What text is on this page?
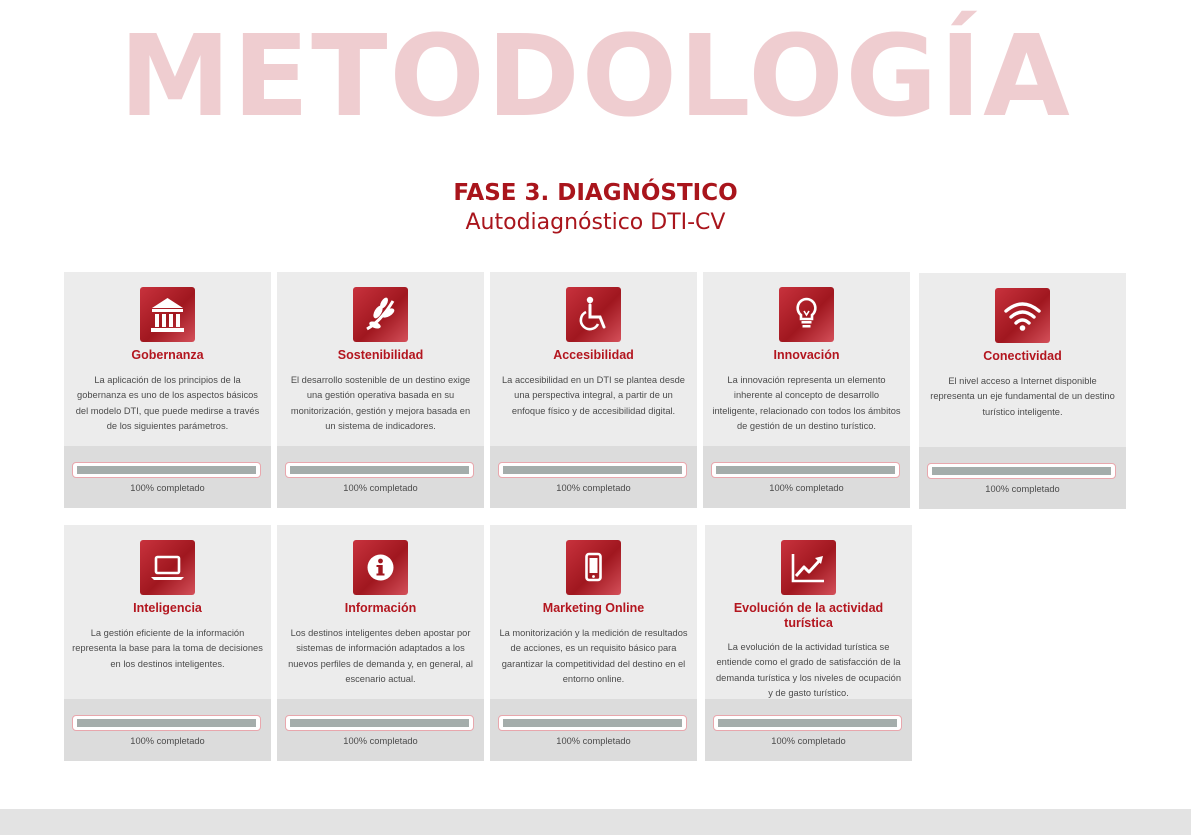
METODOLOGÍA
FASE 3. DIAGNÓSTICO
Autodiagnóstico DTI-CV
Gobernanza
La aplicación de los principios de la gobernanza es uno de los aspectos básicos del modelo DTI, que puede medirse a través de los siguientes parámetros.
100% completado
Sostenibilidad
El desarrollo sostenible de un destino exige una gestión operativa basada en su monitorización, gestión y mejora basada en un sistema de indicadores.
100% completado
Accesibilidad
La accesibilidad en un DTI se plantea desde una perspectiva integral, a partir de un enfoque físico y de accesibilidad digital.
100% completado
Innovación
La innovación representa un elemento inherente al concepto de desarrollo inteligente, relacionado con todos los ámbitos de gestión de un destino turístico.
100% completado
Conectividad
El nivel acceso a Internet disponible representa un eje fundamental de un destino turístico inteligente.
100% completado
Inteligencia
La gestión eficiente de la información representa la base para la toma de decisiones en los destinos inteligentes.
100% completado
Información
Los destinos inteligentes deben apostar por sistemas de información adaptados a los nuevos perfiles de demanda y, en general, al escenario actual.
100% completado
Marketing Online
La monitorización y la medición de resultados de acciones, es un requisito básico para garantizar la competitividad del destino en el entorno online.
100% completado
Evolución de la actividad turística
La evolución de la actividad turística se entiende como el grado de satisfacción de la demanda turística y los niveles de ocupación y de gasto turístico.
100% completado
